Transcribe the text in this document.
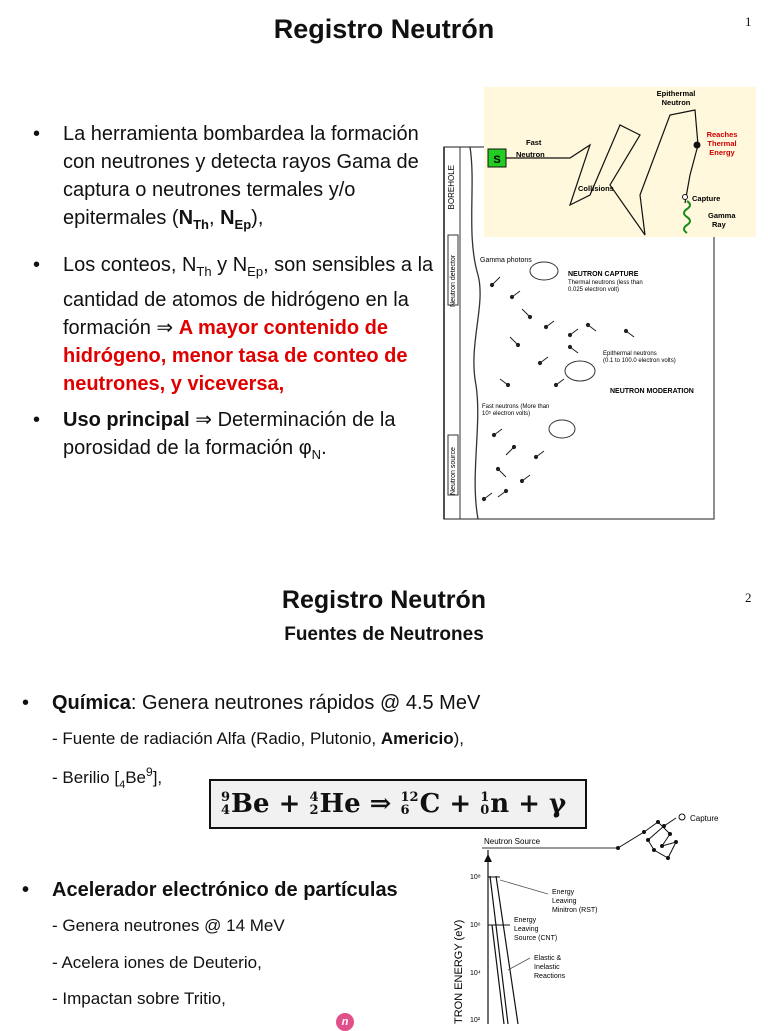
Registro Neutrón	1
• La herramienta bombardea la formación con neutrones y detecta rayos Gama de captura o neutrones termales y/o epitermales ($N_{Th}$, $N_{Ep}$),
• Los conteos, $N_{Th}$ y $N_{Ep}$, son sensibles a la cantidad de atomos de hidrógeno en la formación ⇒ A mayor contenido de hidrógeno, menor tasa de conteo de neutrones, y viceversa,
• Uso principal ⇒ Determinación de la porosidad de la formación $\varphi_N$.
BOREHOLE
Neutron detector
Neutron source
S
Fast
Neutron
Epithermal
Neutron
Collisions
Reaches
Thermal
Energy
Capture
Gamma
Ray
Gamma photons
NEUTRON CAPTURE
Thermal neutrons (less than
0.025 electron volt)
Epithermal neutrons
(0.1 to 100.0 electron volts)
NEUTRON MODERATION
Fast neutrons (More than
10⁵ electron volts)
Registro Neutrón	2
Fuentes de Neutrones
• Química: Genera neutrones rápidos @ 4.5 MeV
- Fuente de radiación Alfa (Radio, Plutonio, Americio),
- Berilio $[_4Be^9]$,
9
4 Be + 4
2 He ⇒ 12
6 C + 1
0 n + γ
• Acelerador electrónico de partículas
- Genera neutrones @ 14 MeV
- Acelera iones de Deuterio,
- Impactan sobre Tritio,
n
Neutron Source
TRON ENERGY (eV)
10⁸
10⁶
10⁴
10²
Energy
Leaving
Minitron (RST)
Energy
Leaving
Source (CNT)
Elastic &
Inelastic
Reactions
Capture
